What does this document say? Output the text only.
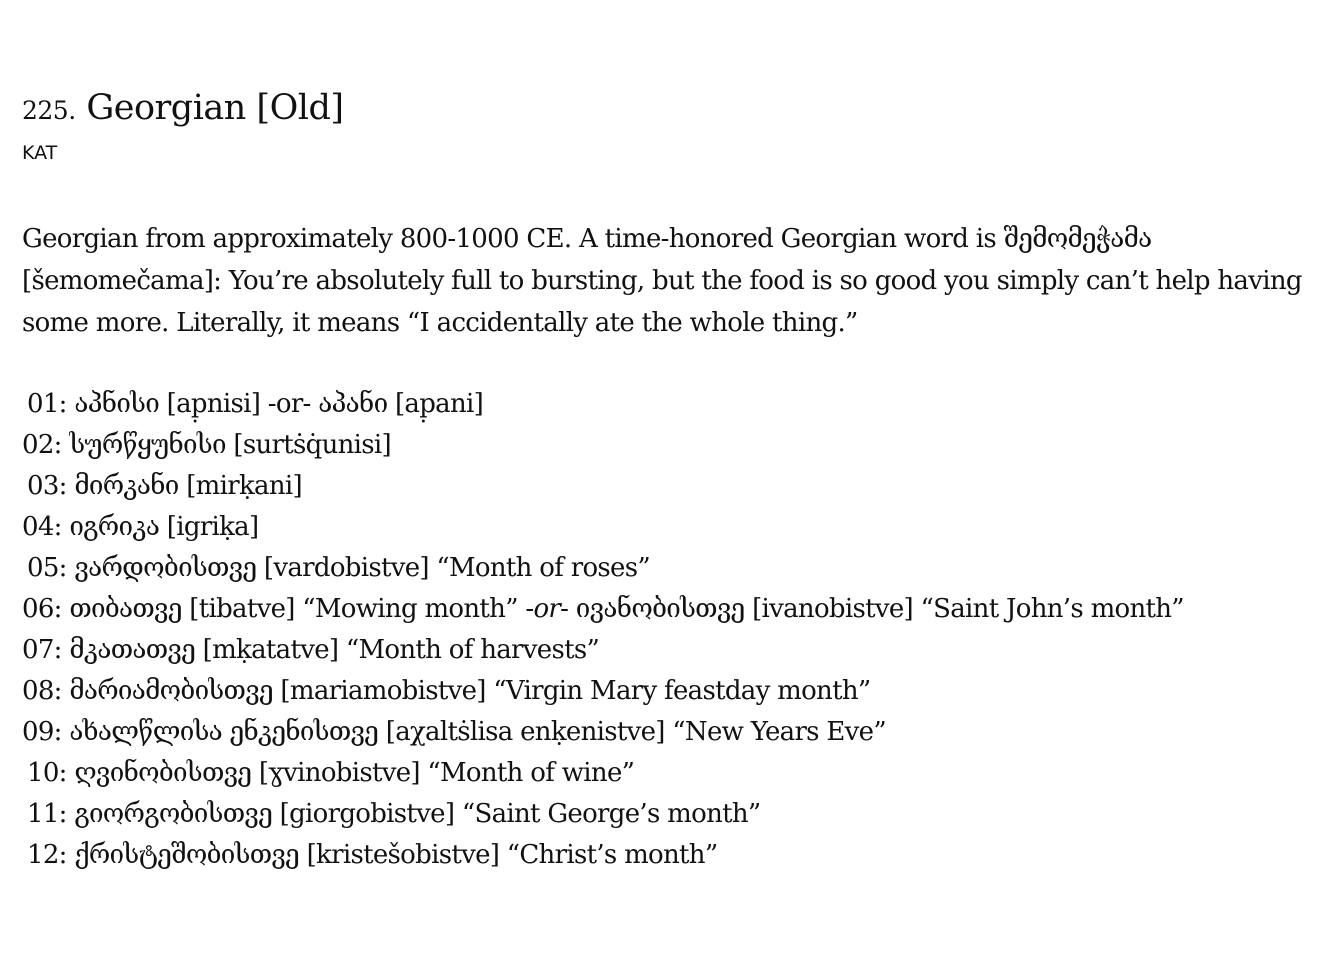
225. Georgian [Old]
KAT

Georgian from approximately 800-1000 CE. A time-honored Georgian word is შემომეჭამა [šemomečama]: You’re absolutely full to bursting, but the food is so good you simply can’t help having some more. Literally, it means “I accidentally ate the whole thing.”

01: აპნისი [ap̣nisi] -or- აპანი [ap̣ani]
02: სურწყუნისი [surtṡq̇unisi]
03: მირკანი [mirḳani]
04: იგრიკა [igriḳa]
05: ვარდობისთვე [vardobistve] “Month of roses”
06: თიბათვე [tibatve] “Mowing month” -or- ივანობისთვე [ivanobistve] “Saint John’s month”
07: მკათათვე [mḳatatve] “Month of harvests”
08: მარიამობისთვე [mariamobistve] “Virgin Mary feastday month”
09: ახალწლისა ენკენისთვე [aχaltṡlisa enḳenistve] “New Years Eve”
10: ღვინობისთვე [ɣvinobistve] “Month of wine”
11: გიორგობისთვე [giorgobistve] “Saint George’s month”
12: ქრისტეშობისთვე [kristešobistve] “Christ’s month”
